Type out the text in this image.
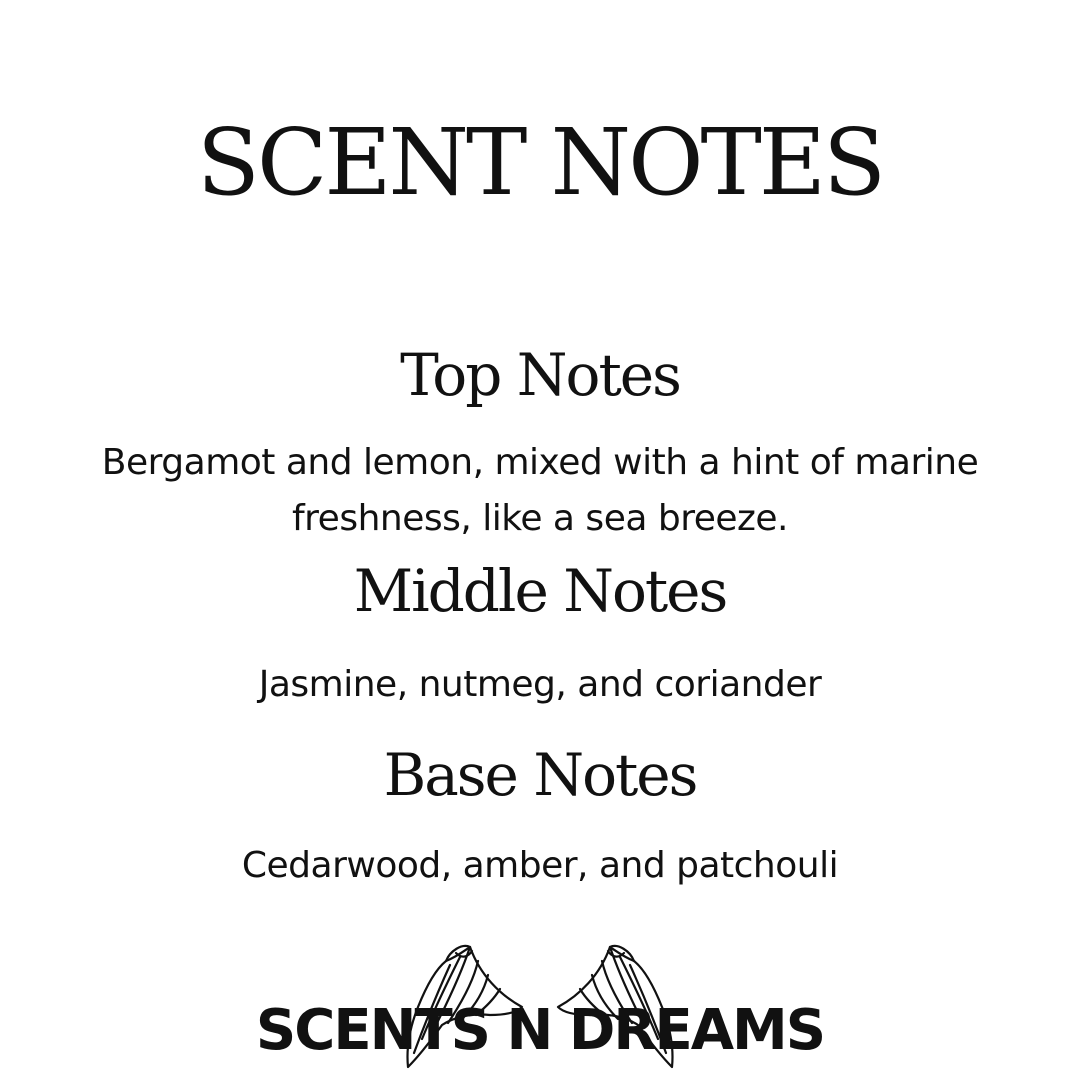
SCENT NOTES
Top Notes

Bergamot and lemon, mixed with a hint of marine freshness, like a sea breeze.

Middle Notes

Jasmine, nutmeg, and coriander

Base Notes

Cedarwood, amber, and patchouli

SCENTS N DREAMS
